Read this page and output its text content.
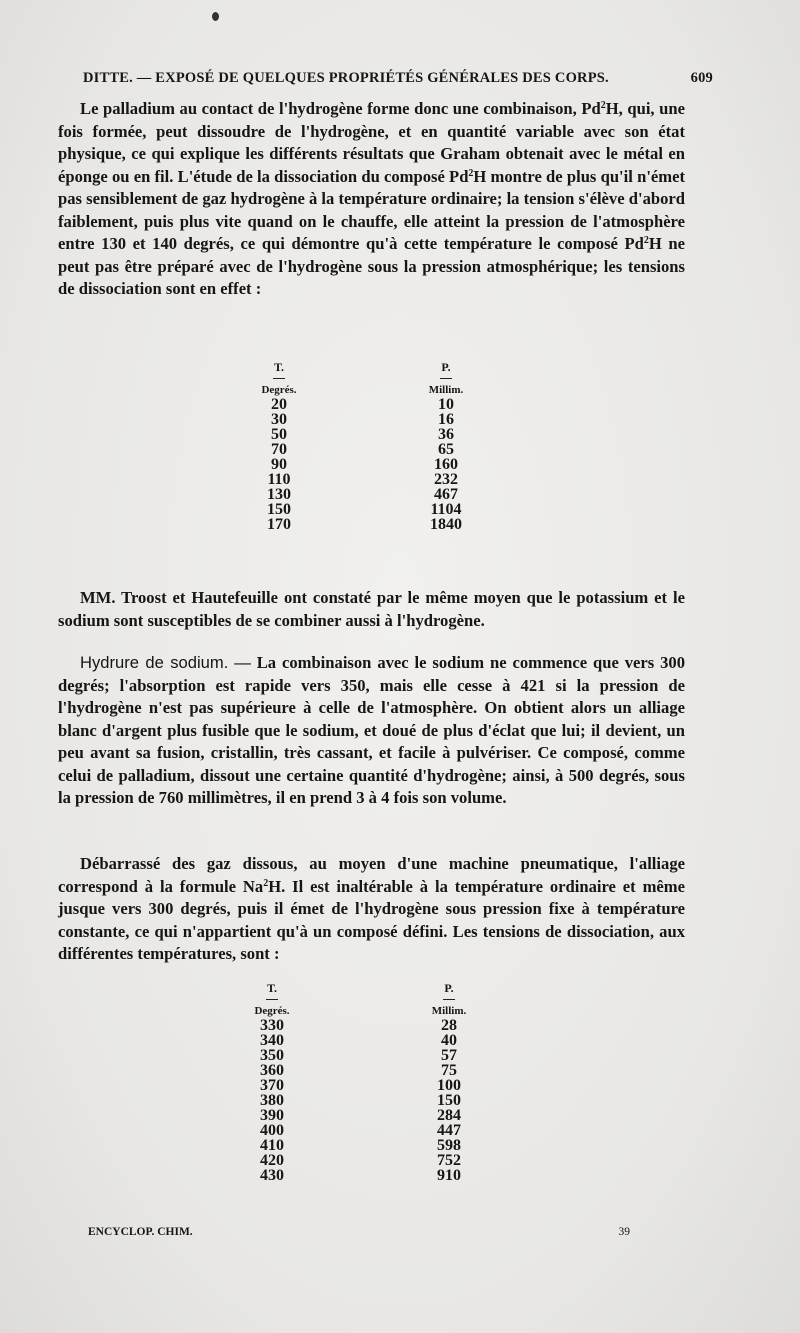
DITTE. — EXPOSÉ DE QUELQUES PROPRIÉTÉS GÉNÉRALES DES CORPS.	609

Le palladium au contact de l'hydrogène forme donc une combinaison, Pd$^2$H, qui, une fois formée, peut dissoudre de l'hydrogène, et en quantité variable avec son état physique, ce qui explique les différents résultats que Graham obtenait avec le métal en éponge ou en fil. L'étude de la dissociation du composé Pd$^2$H montre de plus qu'il n'émet pas sensiblement de gaz hydrogène à la température ordinaire; la tension s'élève d'abord faiblement, puis plus vite quand on le chauffe, elle atteint la pression de l'atmosphère entre 130 et 140 degrés, ce qui démontre qu'à cette température le composé Pd$^2$H ne peut pas être préparé avec de l'hydrogène sous la pression atmosphérique; les tensions de dissociation sont en effet :

T.
Degrés.
20
30
50
70
90
110
130
150
170
P.
Millim.
10
16
36
65
160
232
467
1104
1840

MM. Troost et Hautefeuille ont constaté par le même moyen que le potassium et le sodium sont susceptibles de se combiner aussi à l'hydrogène.

Hydrure de sodium. — La combinaison avec le sodium ne commence que vers 300 degrés; l'absorption est rapide vers 350, mais elle cesse à 421 si la pression de l'hydrogène n'est pas supérieure à celle de l'atmosphère. On obtient alors un alliage blanc d'argent plus fusible que le sodium, et doué de plus d'éclat que lui; il devient, un peu avant sa fusion, cristallin, très cassant, et facile à pulvériser. Ce composé, comme celui de palladium, dissout une certaine quantité d'hydrogène; ainsi, à 500 degrés, sous la pression de 760 millimètres, il en prend 3 à 4 fois son volume.

Débarrassé des gaz dissous, au moyen d'une machine pneumatique, l'alliage correspond à la formule Na$^2$H. Il est inaltérable à la température ordinaire et même jusque vers 300 degrés, puis il émet de l'hydrogène sous pression fixe à température constante, ce qui n'appartient qu'à un composé défini. Les tensions de dissociation, aux différentes températures, sont :

T.
Degrés.
330
340
350
360
370
380
390
400
410
420
430
P.
Millim.
28
40
57
75
100
150
284
447
598
752
910
ENCYCLOP. CHIM.	39
